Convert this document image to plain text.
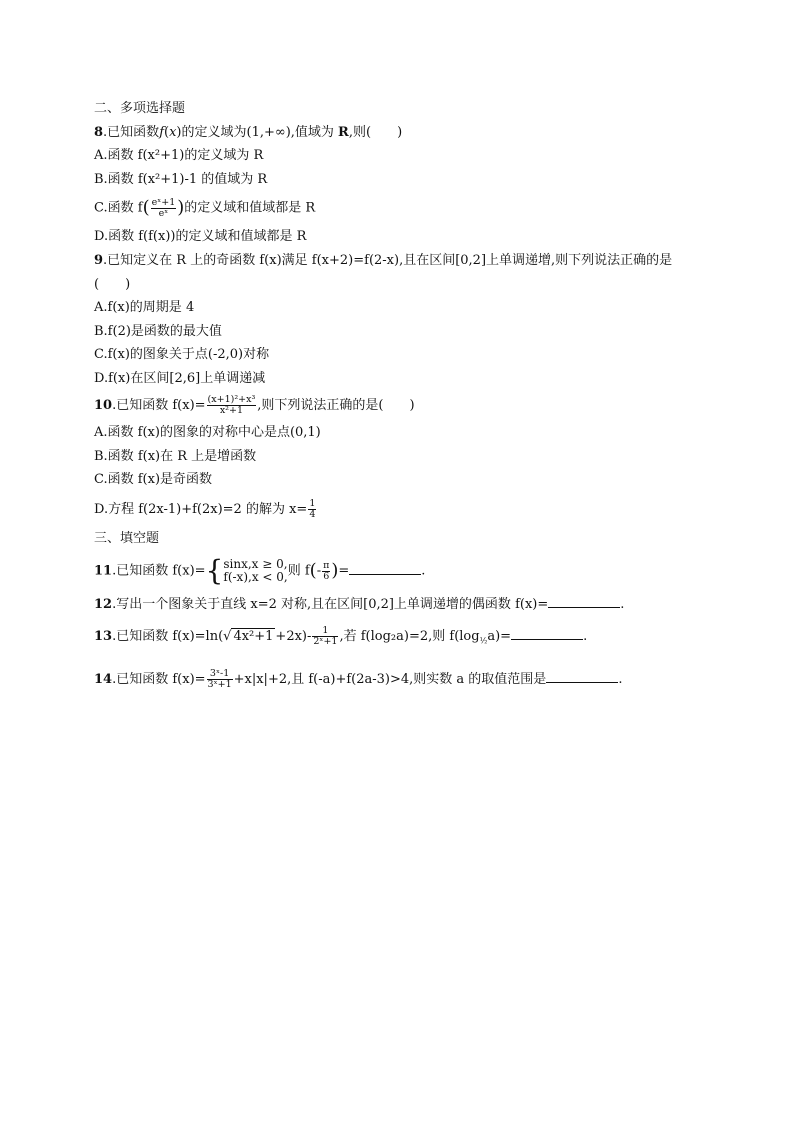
二、多项选择题

8.已知函数f(x)的定义域为(1,+∞),值域为 R,则(　　)

A.函数 f(x²+1)的定义域为 R

B.函数 f(x²+1)-1 的值域为 R

C.函数 $f( \frac{\text{eˣ+1}}{\text{eˣ}}$ )的定义域和值域都是 R

D.函数 f(f(x))的定义域和值域都是 R

9.已知定义在 R 上的奇函数 f(x)满足 f(x+2)=f(2-x),且在区间[0,2]上单调递增,则下列说法正确的是

(　　)

A.f(x)的周期是 4

B.f(2)是函数的最大值

C.f(x)的图象关于点(-2,0)对称

D.f(x)在区间[2,6]上单调递减

10.已知函数 $f(x)= \frac{\text{(x+1)²+x³}}{\text{x²+1}}$ ,则下列说法正确的是(　　)

A.函数 f(x)的图象的对称中心是点(0,1)

B.函数 f(x)在 R 上是增函数

C.函数 f(x)是奇函数

D.方程 f(2x-1)+f(2x)=2 的解为 $x= \frac{1}{4}$

三、填空题

11.已知函数 f(x)={ sinx,x ≥ 0,
f(-x),x < 0, 则 $f(- \frac{\pi}{6}$ )=	.

12.写出一个图象关于直线 x=2 对称,且在区间[0,2]上单调递增的偶函数 f(x)=	.

13.已知函数 f(x)=ln(√ $4x^2+1 +2x)- \frac{1}{\text{2ˣ+1}}$ ,若 f(log₂a)=2,则 $f(\log_{\frac{1}{2}}a)=$	.

14.已知函数 $f(x)= \frac{\text{3ˣ-1}}{\text{3ˣ+1}} +x|x|+2$,且 f(-a)+f(2a-3)>4,则实数 a 的取值范围是	.
